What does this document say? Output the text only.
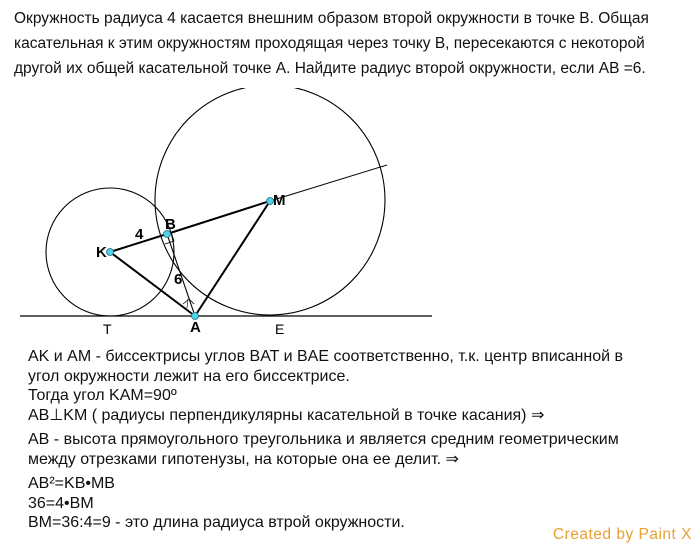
Окружность радиуса 4 касается внешним образом второй окружности в точке B. Общая
касательная к этим окружностям проходящая через точку B, пересекаются с некоторой
другой их общей касательной точке A. Найдите радиус второй окружности, если AB =6.
K
B
M
A
T	E
4
6
AK и AM - биссектрисы углов BAT и BAE соответственно, т.к. центр вписанной в
угол окружности лежит на его биссектрисе.
Тогда угол KAM=90º
AB⊥KM ( радиусы перпендикулярны касательной в точке касания) ⇒
AB - высота прямоугольного треугольника и является средним геометрическим
между отрезками гипотенузы, на которые она ее делит. ⇒
AB²=KB•MB
36=4•BM
BM=36:4=9 - это длина радиуса втрой окружности.
Created by Paint X
